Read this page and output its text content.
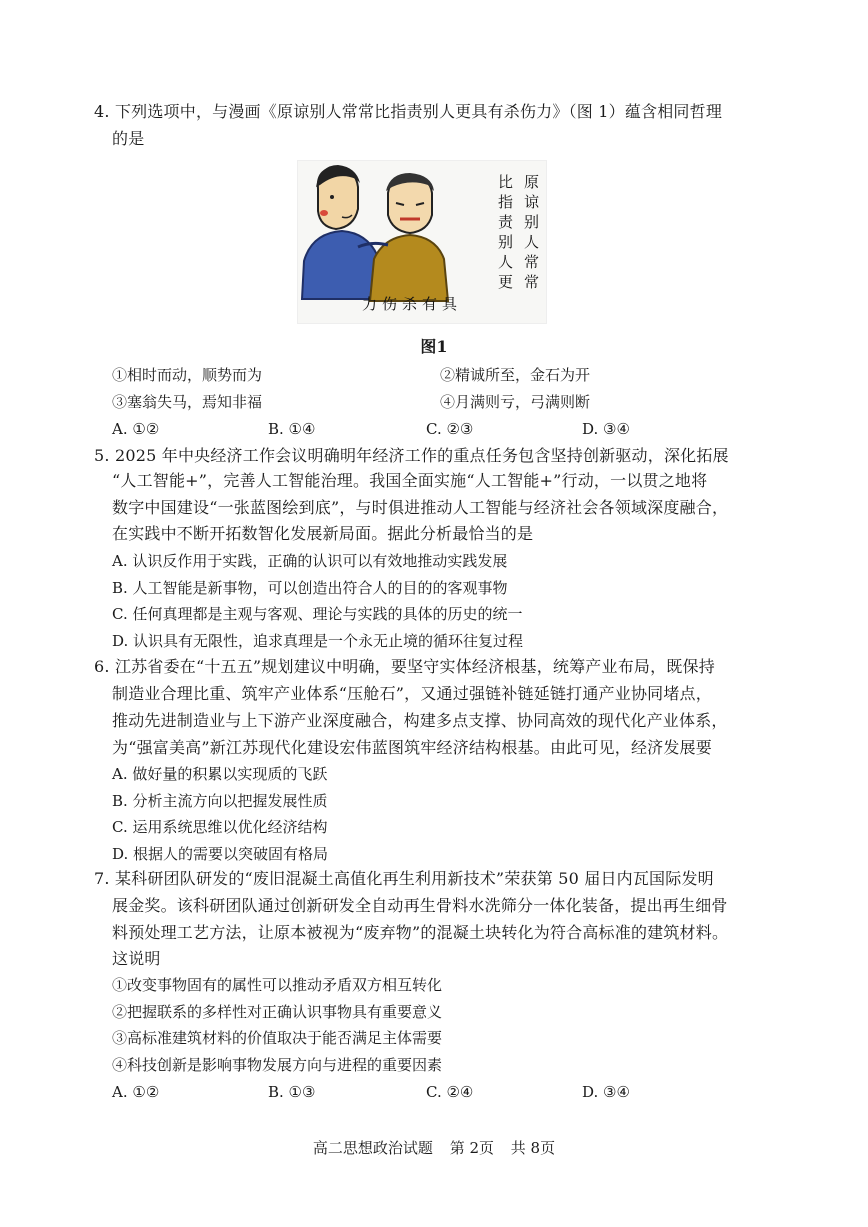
4. 下列选项中，与漫画《原谅别人常常比指责别人更具有杀伤力》（图 1）蕴含相同哲理
的是
原
谅
别
人
常
常
比
指
责
别
人
更
力 伤 杀 有 具
图1
①相时而动，顺势而为	②精诚所至，金石为开
③塞翁失马，焉知非福	④月满则亏，弓满则断
A. ①②	B. ①④	C. ②③	D. ③④
5. 2025 年中央经济工作会议明确明年经济工作的重点任务包含坚持创新驱动，深化拓展
“人工智能+”，完善人工智能治理。我国全面实施“人工智能+”行动，一以贯之地将
数字中国建设“一张蓝图绘到底”，与时俱进推动人工智能与经济社会各领域深度融合，
在实践中不断开拓数智化发展新局面。据此分析最恰当的是
A. 认识反作用于实践，正确的认识可以有效地推动实践发展
B. 人工智能是新事物，可以创造出符合人的目的的客观事物
C. 任何真理都是主观与客观、理论与实践的具体的历史的统一
D. 认识具有无限性，追求真理是一个永无止境的循环往复过程
6. 江苏省委在“十五五”规划建议中明确，要坚守实体经济根基，统筹产业布局，既保持
制造业合理比重、筑牢产业体系“压舱石”，又通过强链补链延链打通产业协同堵点，
推动先进制造业与上下游产业深度融合，构建多点支撑、协同高效的现代化产业体系，
为“强富美高”新江苏现代化建设宏伟蓝图筑牢经济结构根基。由此可见，经济发展要
A. 做好量的积累以实现质的飞跃
B. 分析主流方向以把握发展性质
C. 运用系统思维以优化经济结构
D. 根据人的需要以突破固有格局
7. 某科研团队研发的“废旧混凝土高值化再生利用新技术”荣获第 50 届日内瓦国际发明
展金奖。该科研团队通过创新研发全自动再生骨料水洗筛分一体化装备，提出再生细骨
料预处理工艺方法，让原本被视为“废弃物”的混凝土块转化为符合高标准的建筑材料。
这说明
①改变事物固有的属性可以推动矛盾双方相互转化
②把握联系的多样性对正确认识事物具有重要意义
③高标准建筑材料的价值取决于能否满足主体需要
④科技创新是影响事物发展方向与进程的重要因素
A. ①②	B. ①③	C. ②④	D. ③④
高二思想政治试题 第 2页 共 8页
